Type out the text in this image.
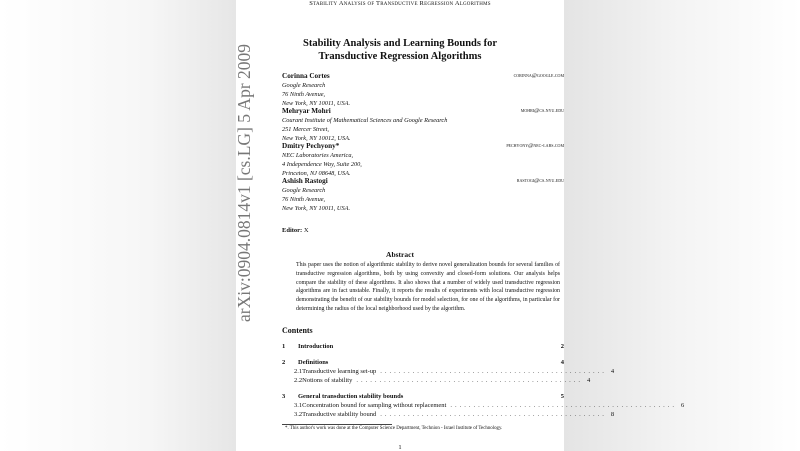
Stability Analysis of Transductive Regression Algorithms
Stability Analysis and Learning Bounds for
Transductive Regression Algorithms
Corinna Cortes	corinna@google.com
Google Research
76 Ninth Avenue,
New York, NY 10011, USA.
Mehryar Mohri	mohri@cs.nyu.edu
Courant Institute of Mathematical Sciences and Google Research
251 Mercer Street,
New York, NY 10012, USA.
Dmitry Pechyony*	pechyony@nec-labs.com
NEC Laboratories America,
4 Independence Way, Suite 200,
Princeton, NJ 08648, USA.
Ashish Rastogi	rastogi@cs.nyu.edu
Google Research
76 Ninth Avenue,
New York, NY 10011, USA.
Editor: X
arXiv:0904.0814v1 [cs.LG] 5 Apr 2009	Abstract
This paper uses the notion of algorithmic stability to derive novel generalization bounds for several families of transductive regression algorithms, both by using convexity and closed-form solutions. Our analysis helps compare the stability of these algorithms. It also shows that a number of widely used transductive regression algorithms are in fact unstable. Finally, it reports the results of experiments with local transductive regression demonstrating the benefit of our stability bounds for model selection, for one of the algorithms, in particular for determining the radius of the local neighborhood used by the algorithm.
Contents
1	Introduction	2
2	Definitions	4
2.1 Transductive learning set-up ................................................. 4
2.2 Notions of stability ................................................. 4
3	General transduction stability bounds	5
3.1 Concentration bound for sampling without replacement ................................................. 6
3.2 Transductive stability bound ................................................. 8
*. This author's work was done at the Computer Science Department, Technion - Israel Institute of Technology.
1
